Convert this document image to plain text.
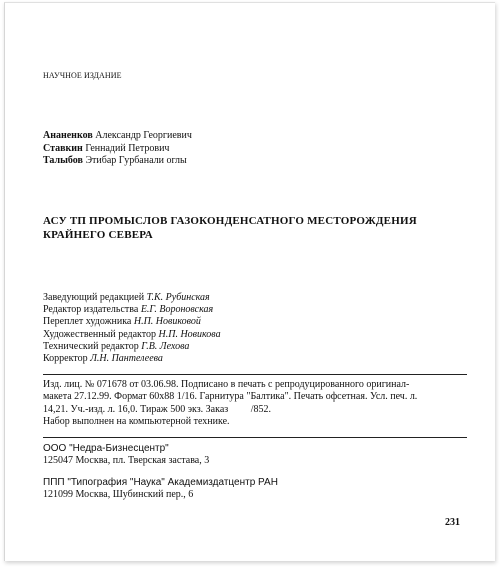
НАУЧНОЕ ИЗДАНИЕ
Ананенков Александр Георгиевич
Ставкин Геннадий Петрович
Талыбов Этибар Гурбанали оглы
АСУ ТП ПРОМЫСЛОВ ГАЗОКОНДЕНСАТНОГО МЕСТОРОЖДЕНИЯ
КРАЙНЕГО СЕВЕРА
Заведующий редакцией Т.К. Рубинская
Редактор издательства Е.Г. Вороновская
Переплет художника Н.П. Новиковой
Художественный редактор Н.П. Новикова
Технический редактор Г.В. Лехова
Корректор Л.Н. Пантелеева
Изд. лиц. № 071678 от 03.06.98. Подписано в печать с репродуцированного оригинал-
макета 27.12.99. Формат 60x88 1/16. Гарнитура "Балтика". Печать офсетная. Усл. печ. л.
14,21. Уч.-изд. л. 16,0. Тираж 500 экз. Заказ         /852.
Набор выполнен на компьютерной технике.
ООО "Недра-Бизнесцентр"
125047 Москва, пл. Тверская застава, 3
ППП "Типография "Наука" Академиздатцентр РАН
121099 Москва, Шубинский пер., 6
231
